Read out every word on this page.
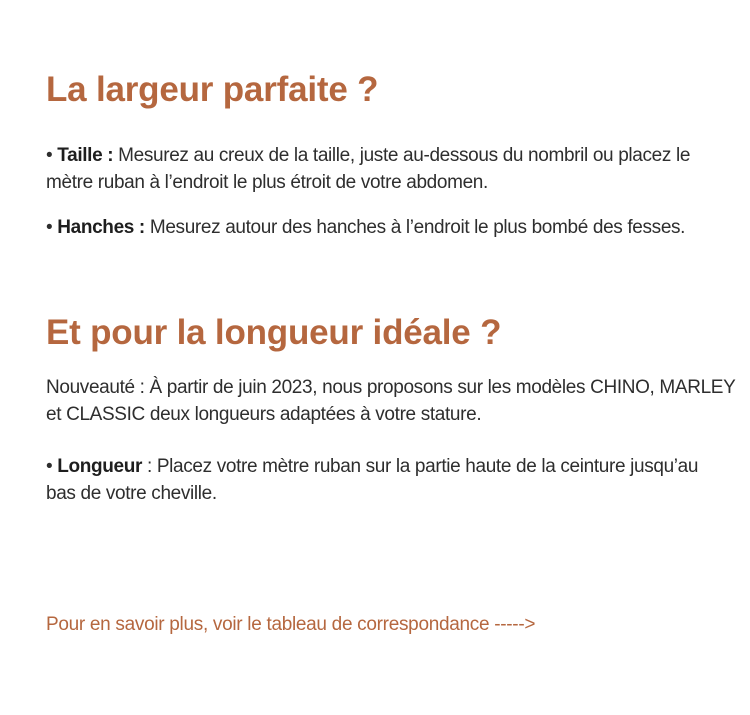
La largeur parfaite ?

• Taille : Mesurez au creux de la taille, juste au-dessous du nombril ou placez le mètre ruban à l’endroit le plus étroit de votre abdomen.

• Hanches : Mesurez autour des hanches à l’endroit le plus bombé des fesses.

Et pour la longueur idéale ?

Nouveauté : À partir de juin 2023, nous proposons sur les modèles CHINO, MARLEY et CLASSIC deux longueurs adaptées à votre stature.

• Longueur : Placez votre mètre ruban sur la partie haute de la ceinture jusqu’au bas de votre cheville.

Pour en savoir plus, voir le tableau de correspondance ----->
